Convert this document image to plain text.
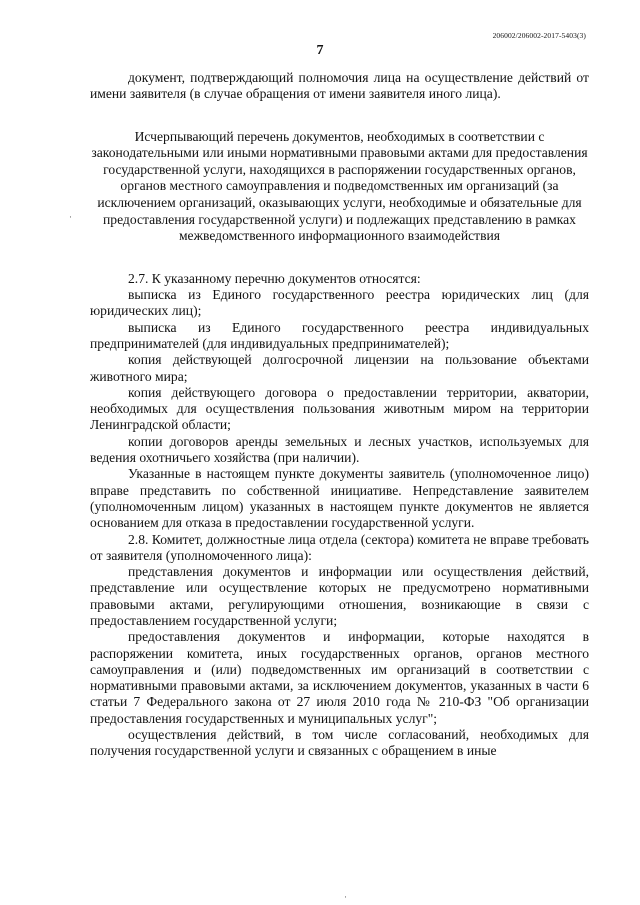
206002/206002-2017-5403(3)
7

документ, подтверждающий полномочия лица на осуществление действий от имени заявителя (в случае обращения от имени заявителя иного лица).

Исчерпывающий перечень документов, необходимых в соответствии с законодательными или иными нормативными правовыми актами для предоставления государственной услуги, находящихся в распоряжении государственных органов, органов местного самоуправления и подведомственных им организаций (за исключением организаций, оказывающих услуги, необходимые и обязательные для предоставления государственной услуги) и подлежащих представлению в рамках межведомственного информационного взаимодействия

2.7. К указанному перечню документов относятся:

выписка из Единого государственного реестра юридических лиц (для юридических лиц);

выписка из Единого государственного реестра индивидуальных предпринимателей (для индивидуальных предпринимателей);

копия действующей долгосрочной лицензии на пользование объектами животного мира;

копия действующего договора о предоставлении территории, акватории, необходимых для осуществления пользования животным миром на территории Ленинградской области;

копии договоров аренды земельных и лесных участков, используемых для ведения охотничьего хозяйства (при наличии).

Указанные в настоящем пункте документы заявитель (уполномоченное лицо) вправе представить по собственной инициативе. Непредставление заявителем (уполномоченным лицом) указанных в настоящем пункте документов не является основанием для отказа в предоставлении государственной услуги.

2.8. Комитет, должностные лица отдела (сектора) комитета не вправе требовать от заявителя (уполномоченного лица):

представления документов и информации или осуществления действий, представление или осуществление которых не предусмотрено нормативными правовыми актами, регулирующими отношения, возникающие в связи с предоставлением государственной услуги;

предоставления документов и информации, которые находятся в распоряжении комитета, иных государственных органов, органов местного самоуправления и (или) подведомственных им организаций в соответствии с нормативными правовыми актами, за исключением документов, указанных в части 6 статьи 7 Федерального закона от 27 июля 2010 года № 210-ФЗ "Об организации предоставления государственных и муниципальных услуг";

осуществления действий, в том числе согласований, необходимых для получения государственной услуги и связанных с обращением в иные

·
·
